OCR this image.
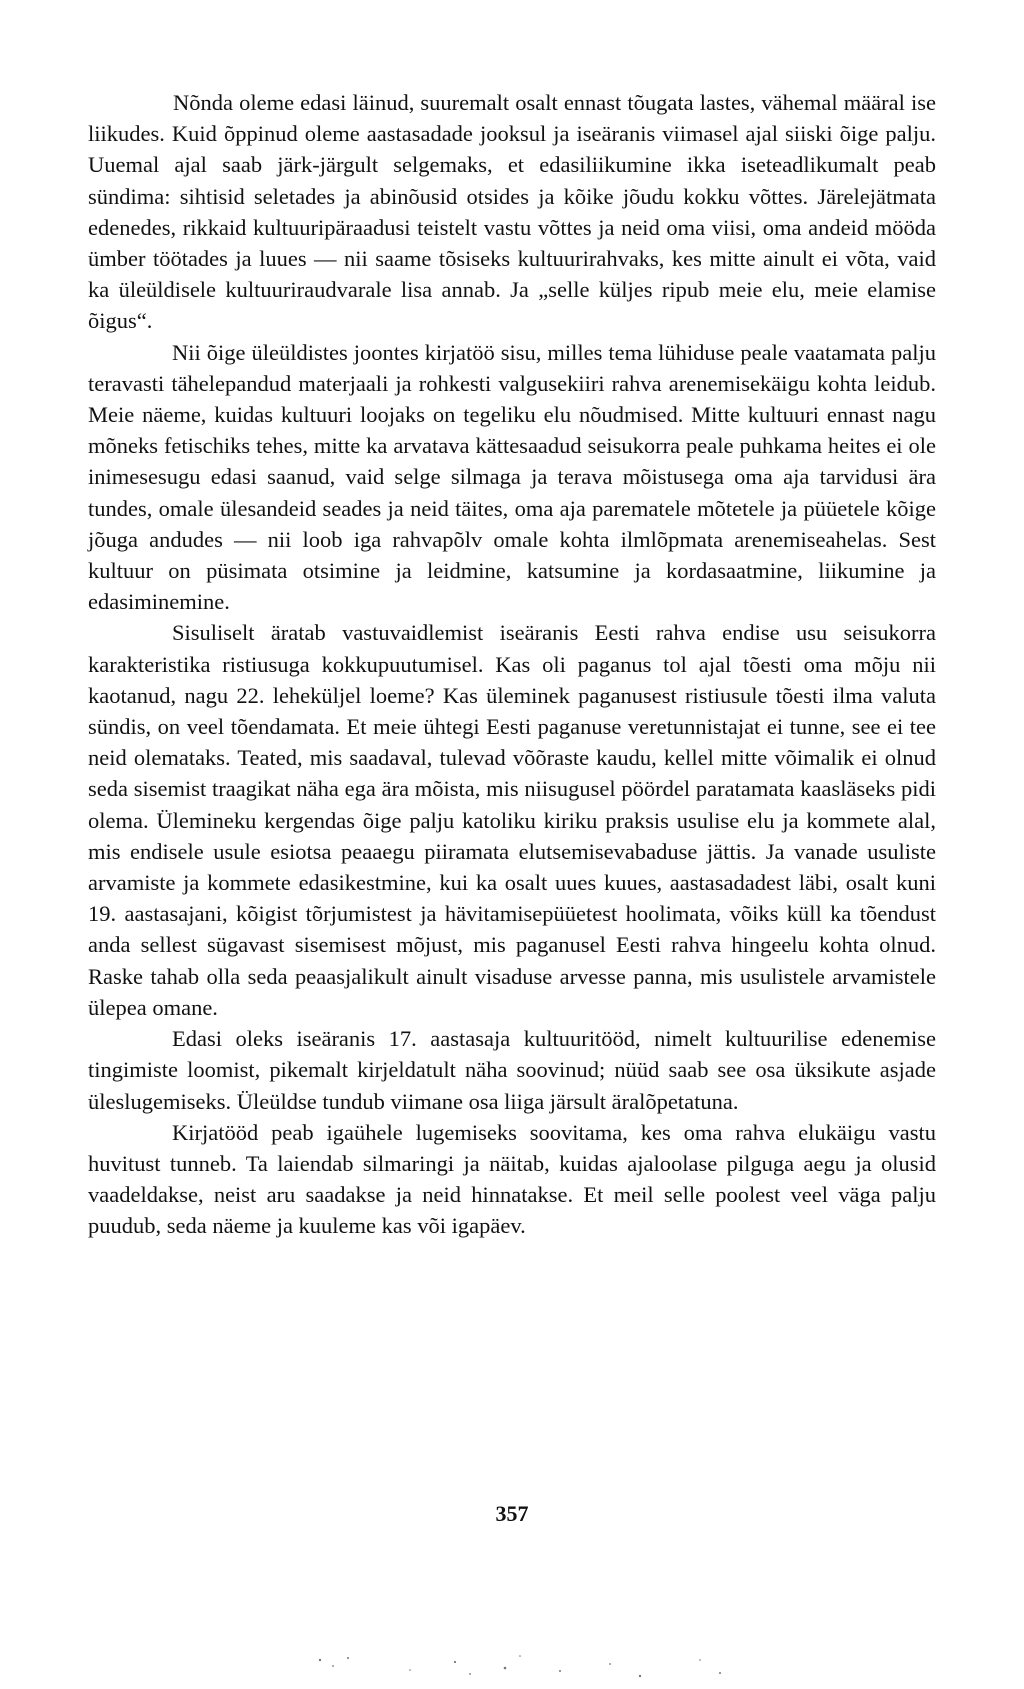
Nõnda oleme edasi läinud, suuremalt osalt ennast tõugata lastes, vähemal määral ise liikudes. Kuid õppinud oleme aastasadade jooksul ja iseäranis viimasel ajal siiski õige palju. Uuemal ajal saab järk-järgult selgemaks, et edasiliikumine ikka iseteadlikumalt peab sündima: sihtisid seletades ja abinõusid otsides ja kõike jõudu kokku võttes. Järelejätmata edenedes, rikkaid kultuuripäraadusi teistelt vastu võttes ja neid oma viisi, oma andeid mööda ümber töötades ja luues — nii saame tõsiseks kultuurirahvaks, kes mitte ainult ei võta, vaid ka üleüldisele kultuuriraudvarale lisa annab. Ja „selle küljes ripub meie elu, meie elamise õigus“.

Nii õige üleüldistes joontes kirjatöö sisu, milles tema lühiduse peale vaatamata palju teravasti tähelepandud materjaali ja rohkesti valgusekiiri rahva arenemisekäigu kohta leidub. Meie näeme, kuidas kultuuri loojaks on tegeliku elu nõudmised. Mitte kultuuri ennast nagu mõneks fetischiks tehes, mitte ka arvatava kättesaadud seisukorra peale puhkama heites ei ole inimesesugu edasi saanud, vaid selge silmaga ja terava mõistusega oma aja tarvidusi ära tundes, omale ülesandeid seades ja neid täites, oma aja parematele mõtetele ja püüetele kõige jõuga andudes — nii loob iga rahvapõlv omale kohta ilmlõpmata arenemiseahelas. Sest kultuur on püsimata otsimine ja leidmine, katsumine ja kordasaatmine, liikumine ja edasiminemine.

Sisuliselt äratab vastuvaidlemist iseäranis Eesti rahva endise usu seisukorra karakteristika ristiusuga kokkupuutumisel. Kas oli paganus tol ajal tõesti oma mõju nii kaotanud, nagu 22. leheküljel loeme? Kas üleminek paganusest ristiusule tõesti ilma valuta sündis, on veel tõendamata. Et meie ühtegi Eesti paganuse veretunnistajat ei tunne, see ei tee neid olemataks. Teated, mis saadaval, tulevad võõraste kaudu, kellel mitte võimalik ei olnud seda sisemist traagikat näha ega ära mõista, mis niisugusel pöördel paratamata kaasläseks pidi olema. Ülemineku kergendas õige palju katoliku kiriku praksis usulise elu ja kommete alal, mis endisele usule esiotsa peaaegu piiramata elutsemisevabaduse jättis. Ja vanade usuliste arvamiste ja kommete edasikestmine, kui ka osalt uues kuues, aastasadadest läbi, osalt kuni 19. aastasajani, kõigist tõrjumistest ja hävitamisepüüetest hoolimata, võiks küll ka tõendust anda sellest sügavast sisemisest mõjust, mis paganusel Eesti rahva hingeelu kohta olnud. Raske tahab olla seda peaasjalikult ainult visaduse arvesse panna, mis usulistele arvamistele ülepea omane.

Edasi oleks iseäranis 17. aastasaja kultuuritööd, nimelt kultuurilise edenemise tingimiste loomist, pikemalt kirjeldatult näha soovinud; nüüd saab see osa üksikute asjade üleslugemiseks. Üleüldse tundub viimane osa liiga järsult äralõpetatuna.

Kirjatööd peab igaühele lugemiseks soovitama, kes oma rahva elukäigu vastu huvitust tunneb. Ta laiendab silmaringi ja näitab, kuidas ajaloolase pilguga aegu ja olusid vaadeldakse, neist aru saadakse ja neid hinnatakse. Et meil selle poolest veel väga palju puudub, seda näeme ja kuuleme kas või igapäev.

357
